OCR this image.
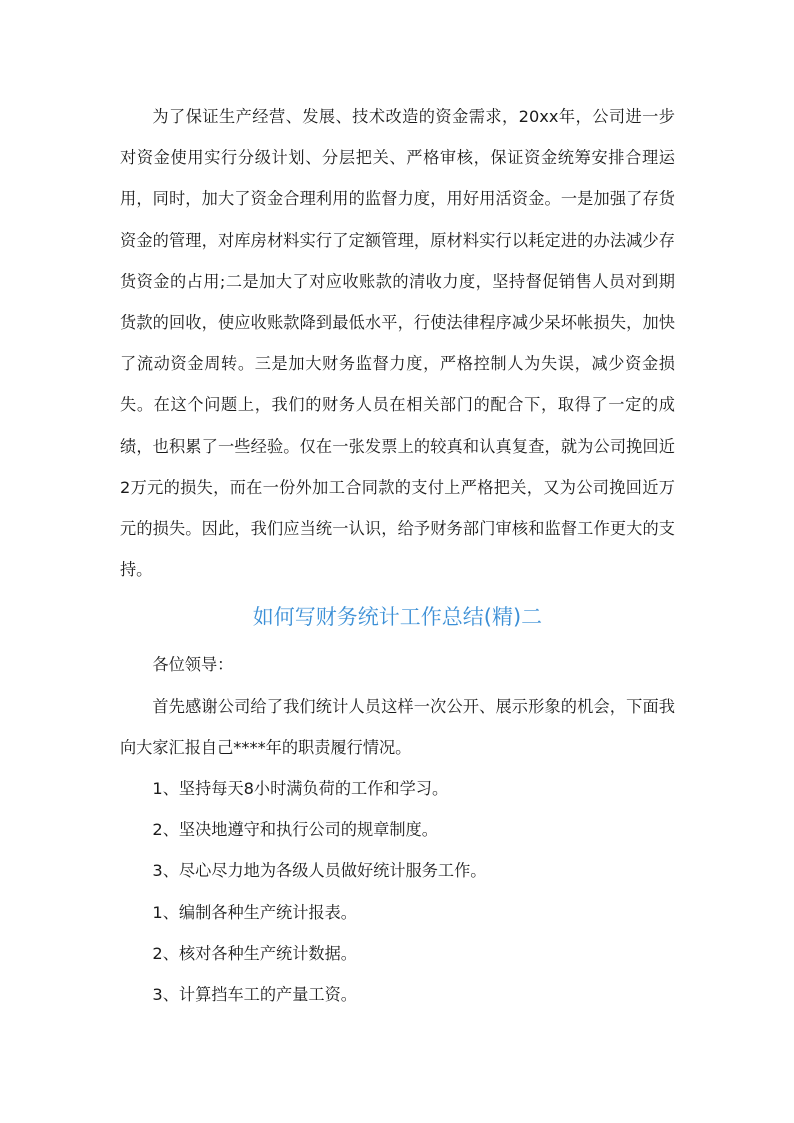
为了保证生产经营、发展、技术改造的资金需求，20xx年，公司进一步对资金使用实行分级计划、分层把关、严格审核，保证资金统筹安排合理运用，同时，加大了资金合理利用的监督力度，用好用活资金。一是加强了存货资金的管理，对库房材料实行了定额管理，原材料实行以耗定进的办法减少存货资金的占用;二是加大了对应收账款的清收力度，坚持督促销售人员对到期货款的回收，使应收账款降到最低水平，行使法律程序减少呆坏帐损失，加快了流动资金周转。三是加大财务监督力度，严格控制人为失误，减少资金损失。在这个问题上，我们的财务人员在相关部门的配合下，取得了一定的成绩，也积累了一些经验。仅在一张发票上的较真和认真复查，就为公司挽回近2万元的损失，而在一份外加工合同款的支付上严格把关，又为公司挽回近万元的损失。因此，我们应当统一认识，给予财务部门审核和监督工作更大的支持。

如何写财务统计工作总结(精)二

各位领导：

首先感谢公司给了我们统计人员这样一次公开、展示形象的机会，下面我向大家汇报自己****年的职责履行情况。

1、坚持每天8小时满负荷的工作和学习。

2、坚决地遵守和执行公司的规章制度。

3、尽心尽力地为各级人员做好统计服务工作。

1、编制各种生产统计报表。

2、核对各种生产统计数据。

3、计算挡车工的产量工资。
